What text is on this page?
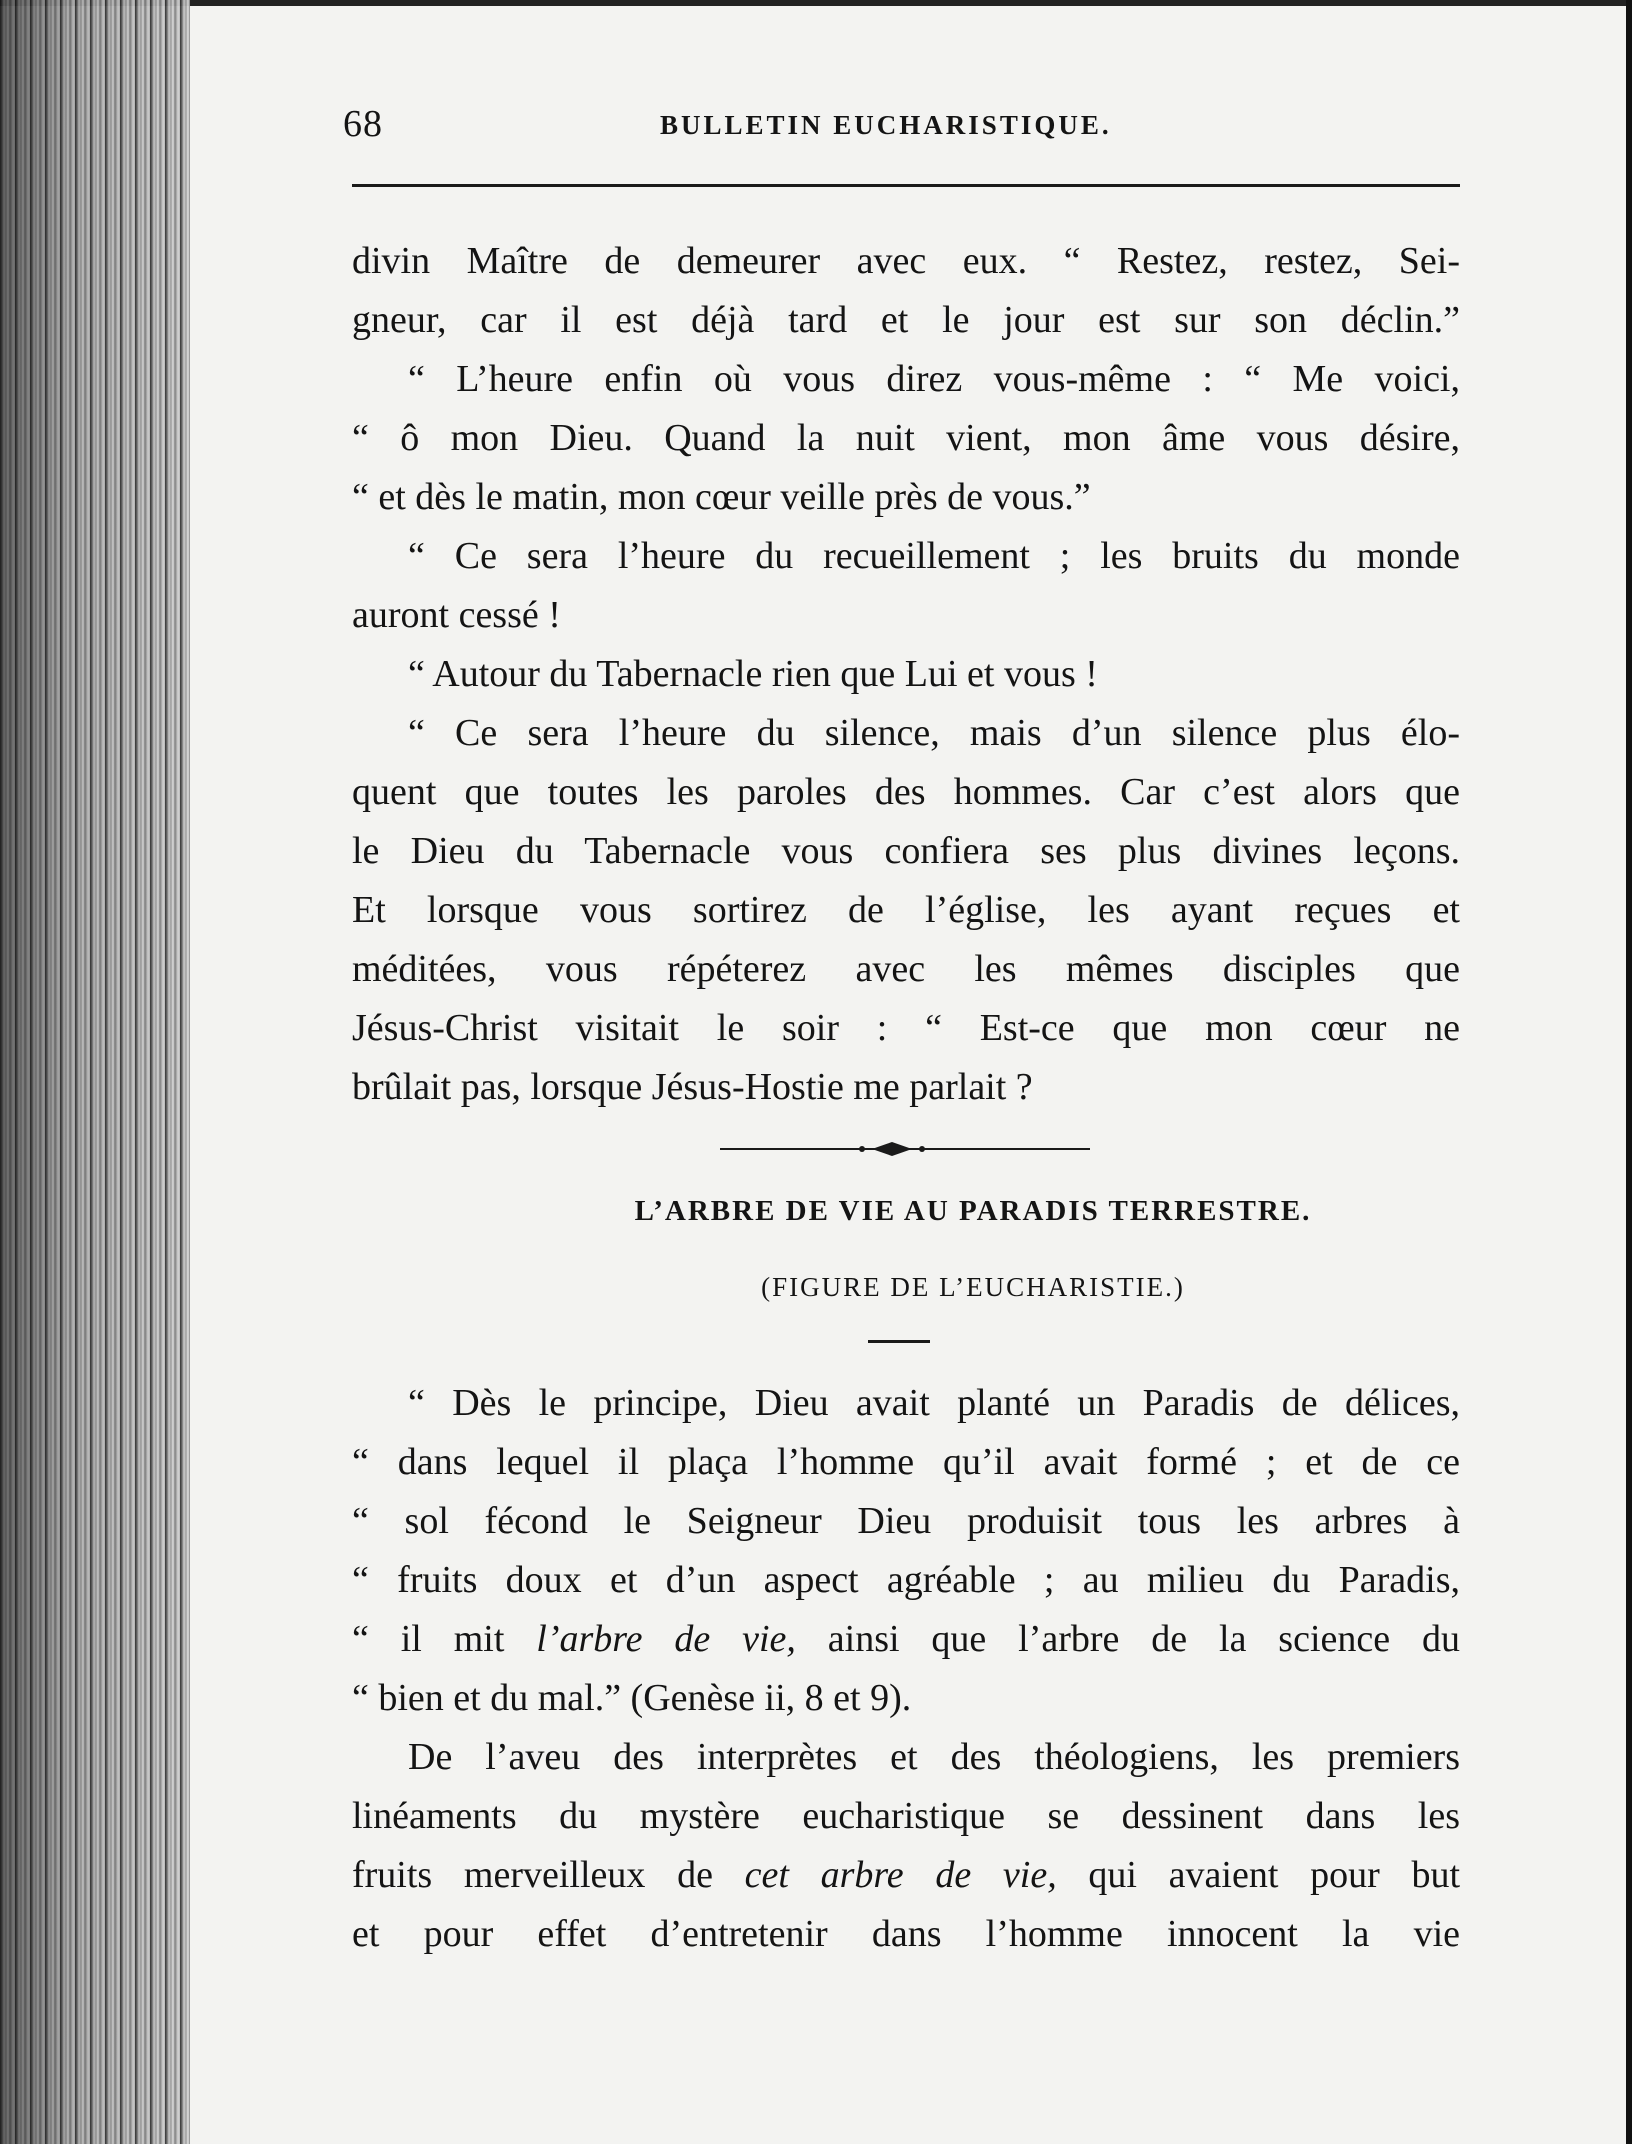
68	BULLETIN EUCHARISTIQUE.
divin Maître de demeurer avec eux. “ Restez, restez, Sei-
gneur, car il est déjà tard et le jour est sur son déclin.”
“ L’heure enfin où vous direz vous-même : “ Me voici,
“ ô mon Dieu. Quand la nuit vient, mon âme vous désire,
“ et dès le matin, mon cœur veille près de vous.”
“ Ce sera l’heure du recueillement ; les bruits du monde
auront cessé !
“ Autour du Tabernacle rien que Lui et vous !
“ Ce sera l’heure du silence, mais d’un silence plus élo-
quent que toutes les paroles des hommes. Car c’est alors que
le Dieu du Tabernacle vous confiera ses plus divines leçons.
Et lorsque vous sortirez de l’église, les ayant reçues et
méditées, vous répéterez avec les mêmes disciples que
Jésus-Christ visitait le soir : “ Est-ce que mon cœur ne
brûlait pas, lorsque Jésus-Hostie me parlait ?
L’ARBRE DE VIE AU PARADIS TERRESTRE.
(FIGURE DE L’EUCHARISTIE.)
“ Dès le principe, Dieu avait planté un Paradis de délices,
“ dans lequel il plaça l’homme qu’il avait formé ; et de ce
“ sol fécond le Seigneur Dieu produisit tous les arbres à
“ fruits doux et d’un aspect agréable ; au milieu du Paradis,
“ il mit l’arbre de vie, ainsi que l’arbre de la science du
“ bien et du mal.” (Genèse ii, 8 et 9).
De l’aveu des interprètes et des théologiens, les premiers
linéaments du mystère eucharistique se dessinent dans les
fruits merveilleux de cet arbre de vie, qui avaient pour but
et pour effet d’entretenir dans l’homme innocent la vie
